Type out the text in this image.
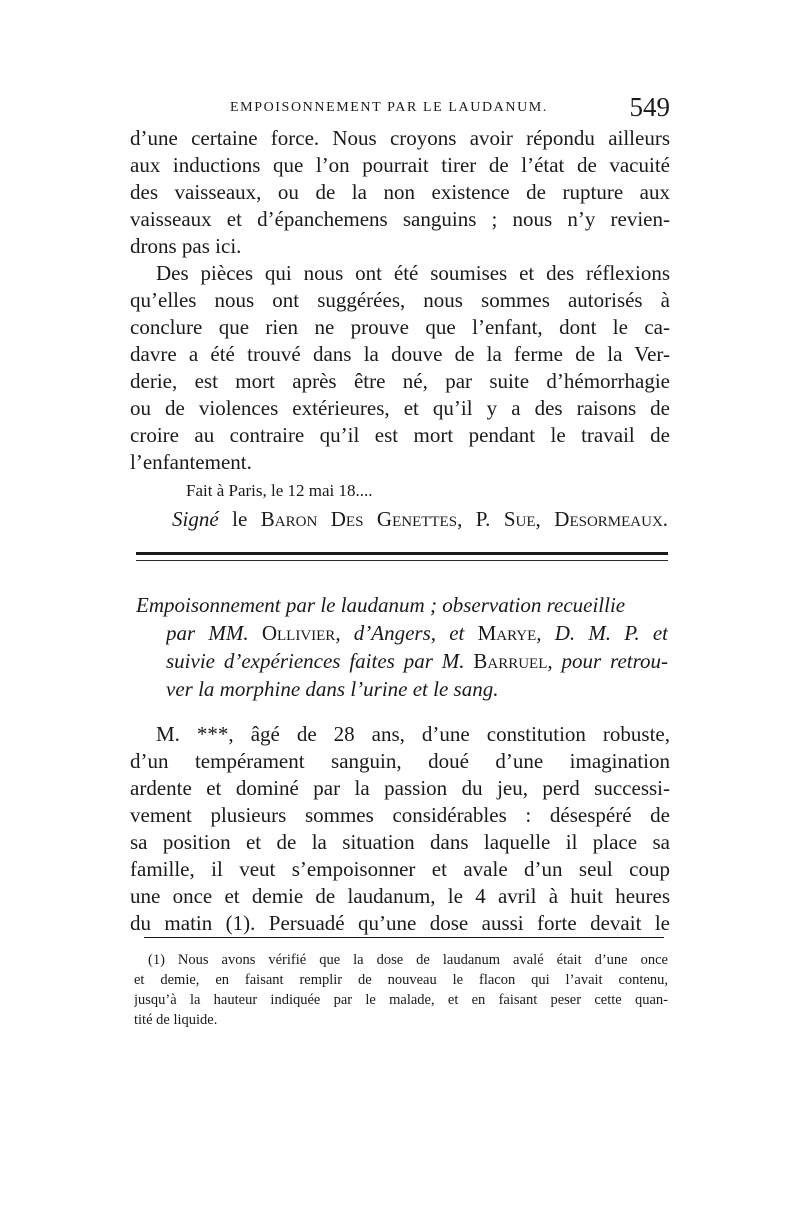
EMPOISONNEMENT PAR LE LAUDANUM.	549
d’une certaine force. Nous croyons avoir répondu ailleurs
aux inductions que l’on pourrait tirer de l’état de vacuité
des vaisseaux, ou de la non existence de rupture aux
vaisseaux et d’épanchemens sanguins ; nous n’y revien-
drons pas ici.
Des pièces qui nous ont été soumises et des réflexions
qu’elles nous ont suggérées, nous sommes autorisés à
conclure que rien ne prouve que l’enfant, dont le ca-
davre a été trouvé dans la douve de la ferme de la Ver-
derie, est mort après être né, par suite d’hémorrhagie
ou de violences extérieures, et qu’il y a des raisons de
croire au contraire qu’il est mort pendant le travail de
l’enfantement.
Fait à Paris, le 12 mai 18....
Signé le Baron Des Genettes, P. Sue, Desormeaux.
Empoisonnement par le laudanum ; observation recueillie
par MM. Ollivier, d’Angers, et Marye, D. M. P. et
suivie d’expériences faites par M. Barruel, pour retrou-
ver la morphine dans l’urine et le sang.
M. ***, âgé de 28 ans, d’une constitution robuste,
d’un tempérament sanguin, doué d’une imagination
ardente et dominé par la passion du jeu, perd successi-
vement plusieurs sommes considérables : désespéré de
sa position et de la situation dans laquelle il place sa
famille, il veut s’empoisonner et avale d’un seul coup
une once et demie de laudanum, le 4 avril à huit heures
du matin (1). Persuadé qu’une dose aussi forte devait le
(1) Nous avons vérifié que la dose de laudanum avalé était d’une once
et demie, en faisant remplir de nouveau le flacon qui l’avait contenu,
jusqu’à la hauteur indiquée par le malade, et en faisant peser cette quan-
tité de liquide.
